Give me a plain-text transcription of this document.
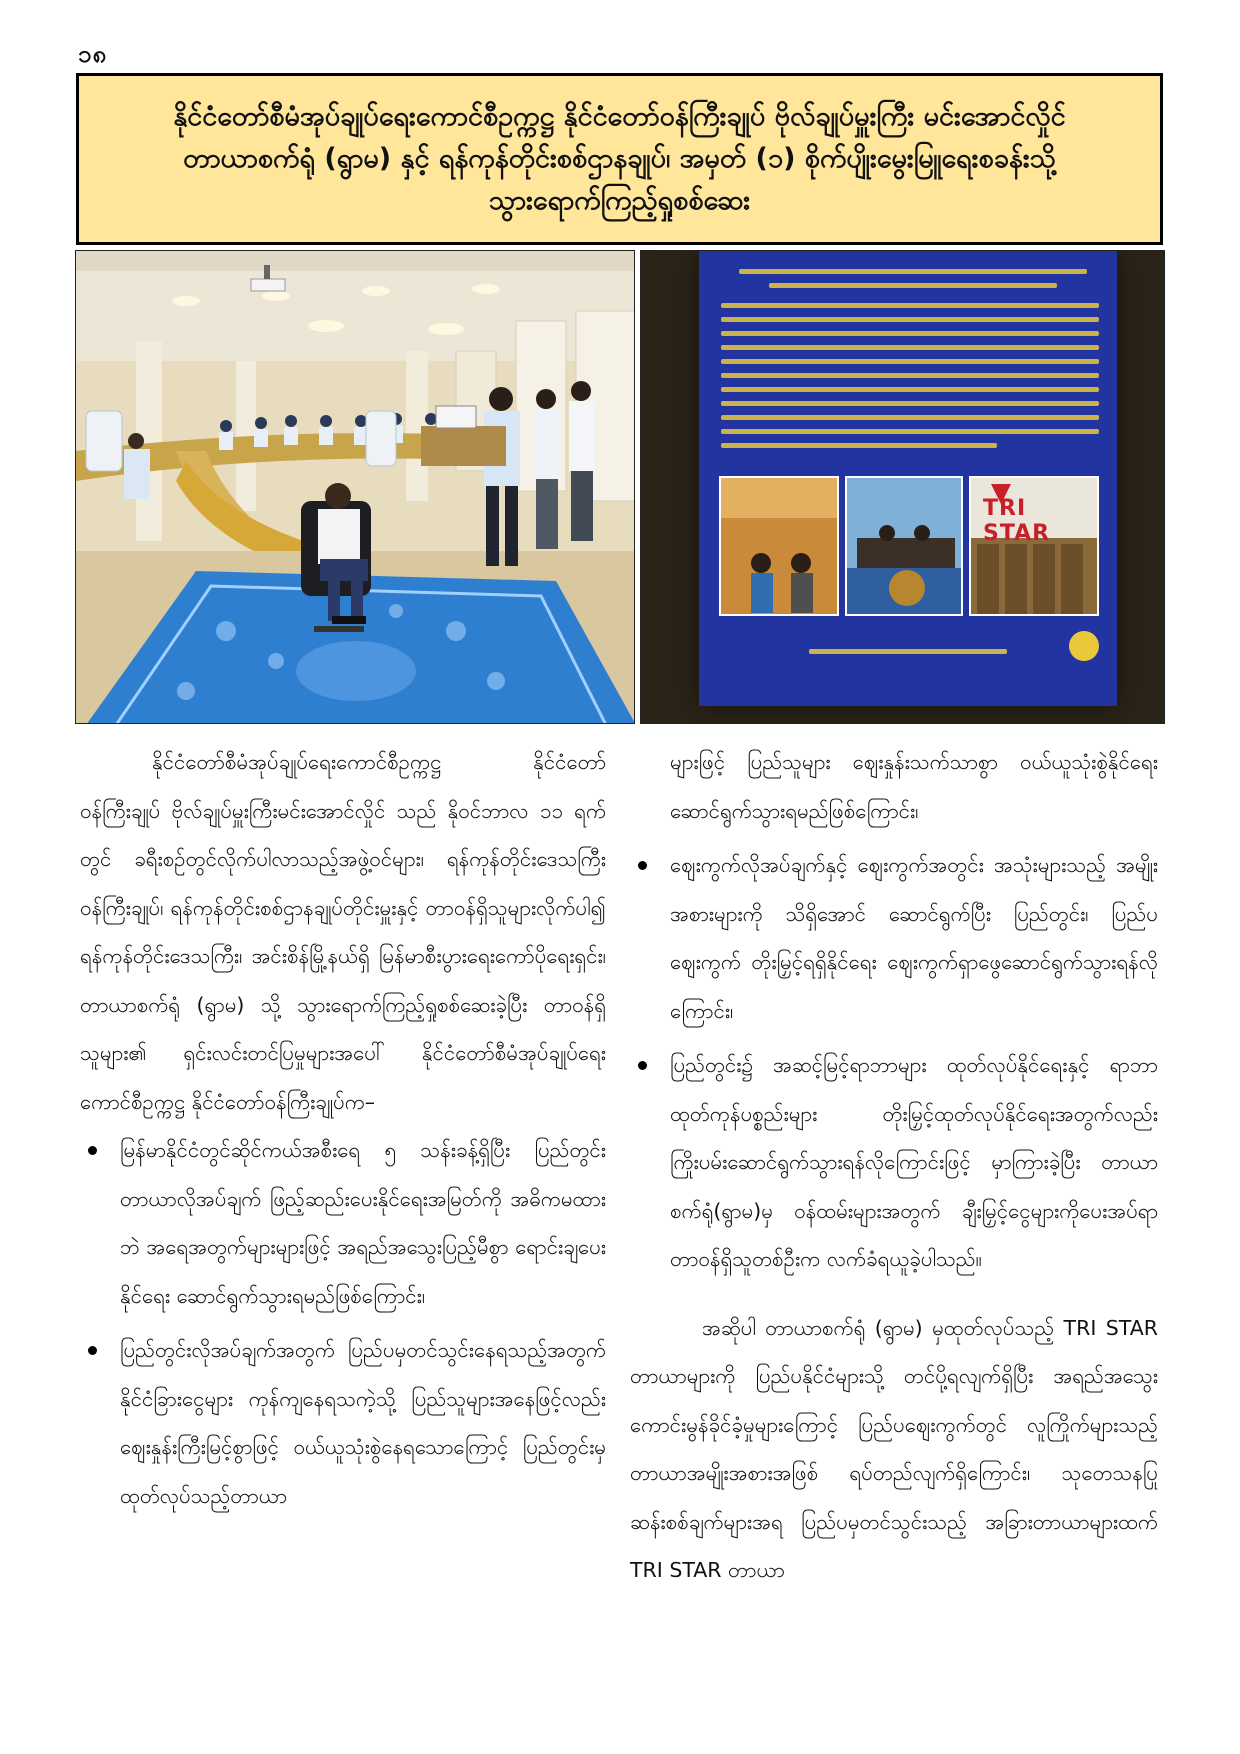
၁၈
နိုင်ငံတော်စီမံအုပ်ချုပ်ရေးကောင်စီဥက္ကဋ္ဌ နိုင်ငံတော်ဝန်ကြီးချုပ် ဗိုလ်ချုပ်မှူးကြီး မင်းအောင်လှိုင်
တာယာစက်ရုံ (ရွာမ) နှင့် ရန်ကုန်တိုင်းစစ်ဌာနချုပ်၊ အမှတ် (၁) စိုက်ပျိုးမွေးမြူရေးစခန်းသို့
သွားရောက်ကြည့်ရှုစစ်ဆေး
TRI STAR

နိုင်ငံတော်စီမံအုပ်ချုပ်ရေးကောင်စီဥက္ကဋ္ဌ နိုင်ငံတော် ဝန်ကြီးချုပ် ဗိုလ်ချုပ်မှူးကြီးမင်းအောင်လှိုင် သည် နိုဝင်ဘာလ ၁၁ ရက်တွင် ခရီးစဉ်တွင်လိုက်ပါလာသည့်အဖွဲ့ဝင်များ၊ ရန်ကုန်တိုင်းဒေသကြီးဝန်ကြီးချုပ်၊ ရန်ကုန်တိုင်းစစ်ဌာနချုပ်တိုင်းမှူးနှင့် တာဝန်ရှိသူများလိုက်ပါ၍ ရန်ကုန်တိုင်းဒေသကြီး၊ အင်းစိန်မြို့နယ်ရှိ မြန်မာစီးပွားရေးကော်ပိုရေးရှင်း၊ တာယာစက်ရုံ (ရွာမ) သို့ သွားရောက်ကြည့်ရှုစစ်ဆေးခဲ့ပြီး တာဝန်ရှိသူများ၏ ရှင်းလင်းတင်ပြမှုများအပေါ် နိုင်ငံတော်စီမံအုပ်ချုပ်ရေးကောင်စီဥက္ကဋ္ဌ နိုင်ငံတော်ဝန်ကြီးချုပ်က–

မြန်မာနိုင်ငံတွင်ဆိုင်ကယ်အစီးရေ ၅ သန်းခန့်ရှိပြီး ပြည်တွင်းတာယာလိုအပ်ချက် ဖြည့်ဆည်းပေးနိုင်ရေးအမြတ်ကို အဓိကမထားဘဲ အရေအတွက်များများဖြင့် အရည်အသွေးပြည့်မီစွာ ရောင်းချပေးနိုင်ရေး ဆောင်ရွက်သွားရမည်ဖြစ်ကြောင်း၊
ပြည်တွင်းလိုအပ်ချက်အတွက် ပြည်ပမှတင်သွင်းနေရသည့်အတွက် နိုင်ငံခြားငွေများ ကုန်ကျနေရသကဲ့သို့ ပြည်သူများအနေဖြင့်လည်း ဈေးနှုန်းကြီးမြင့်စွာဖြင့် ဝယ်ယူသုံးစွဲနေရသောကြောင့် ပြည်တွင်းမှ ထုတ်လုပ်သည့်တာယာ
များဖြင့် ပြည်သူများ ဈေးနှုန်းသက်သာစွာ ဝယ်ယူသုံးစွဲနိုင်ရေး ဆောင်ရွက်သွားရမည်ဖြစ်ကြောင်း၊
ဈေးကွက်လိုအပ်ချက်နှင့် ဈေးကွက်အတွင်း အသုံးများသည့် အမျိုးအစားများကို သိရှိအောင် ဆောင်ရွက်ပြီး ပြည်တွင်း၊ ပြည်ပဈေးကွက် တိုးမြှင့်ရရှိနိုင်ရေး ဈေးကွက်ရှာဖွေဆောင်ရွက်သွားရန်လိုကြောင်း၊
ပြည်တွင်း၌ အဆင့်မြင့်ရာဘာများ ထုတ်လုပ်နိုင်ရေးနှင့် ရာဘာထုတ်ကုန်ပစ္စည်းများ တိုးမြှင့်ထုတ်လုပ်နိုင်ရေးအတွက်လည်း ကြိုးပမ်းဆောင်ရွက်သွားရန်လိုကြောင်းဖြင့် မှာကြားခဲ့ပြီး တာယာစက်ရုံ(ရွာမ)မှ ဝန်ထမ်းများအတွက် ချီးမြှင့်ငွေများကိုပေးအပ်ရာ တာဝန်ရှိသူတစ်ဦးက လက်ခံရယူခဲ့ပါသည်။

အဆိုပါ တာယာစက်ရုံ (ရွာမ) မှထုတ်လုပ်သည့် TRI STAR တာယာများကို ပြည်ပနိုင်ငံများသို့ တင်ပို့ရလျက်ရှိပြီး အရည်အသွေးကောင်းမွန်ခိုင်ခံ့မှုများကြောင့် ပြည်ပဈေးကွက်တွင် လူကြိုက်များသည့် တာယာအမျိုးအစားအဖြစ် ရပ်တည်လျက်ရှိကြောင်း၊ သုတေသနပြုဆန်းစစ်ချက်များအရ ပြည်ပမှတင်သွင်းသည့် အခြားတာယာများထက် TRI STAR တာယာ
